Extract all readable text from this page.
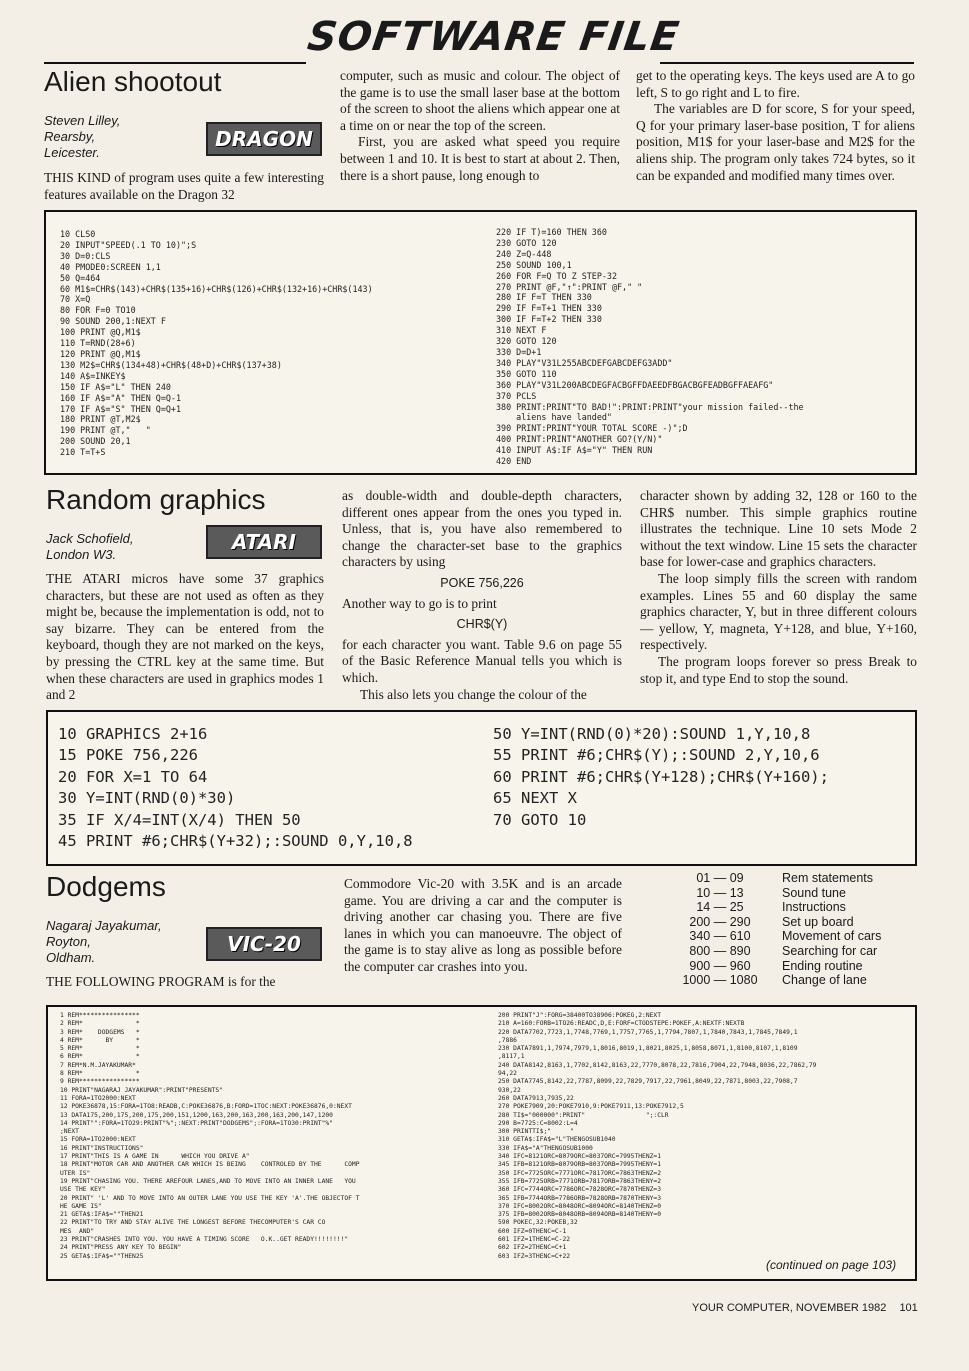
SOFTWARE FILE
Alien shootout
Steven Lilley,
Rearsby,
Leicester.
DRAGON

THIS KIND of program uses quite a few interesting features available on the Dragon 32

computer, such as music and colour. The object of the game is to use the small laser base at the bottom of the screen to shoot the aliens which appear one at a time on or near the top of the screen.

First, you are asked what speed you require between 1 and 10. It is best to start at about 2. Then, there is a short pause, long enough to

get to the operating keys. The keys used are A to go left, S to go right and L to fire.

The variables are D for score, S for your speed, Q for your primary laser-base position, T for aliens position, M1$ for your laser-base and M2$ for the aliens ship. The program only takes 724 bytes, so it can be expanded and modified many times over.

10 CLS0
20 INPUT"SPEED(.1 TO 10)";S
30 D=0:CLS
40 PMODE0:SCREEN 1,1
50 Q=464
60 M1$=CHR$(143)+CHR$(135+16)+CHR$(126)+CHR$(132+16)+CHR$(143)
70 X=Q
80 FOR F=0 TO10
90 SOUND 200,1:NEXT F
100 PRINT @Q,M1$
110 T=RND(28+6)
120 PRINT @Q,M1$
130 M2$=CHR$(134+48)+CHR$(48+D)+CHR$(137+38)
140 A$=INKEY$
150 IF A$="L" THEN 240
160 IF A$="A" THEN Q=Q-1
170 IF A$="S" THEN Q=Q+1
180 PRINT @T,M2$
190 PRINT @T,"   "
200 SOUND 20,1
210 T=T+S
220 IF T)=160 THEN 360
230 GOTO 120
240 Z=Q-448
250 SOUND 100,1
260 FOR F=Q TO Z STEP-32
270 PRINT @F,"↑":PRINT @F," "
280 IF F=T THEN 330
290 IF F=T+1 THEN 330
300 IF F=T+2 THEN 330
310 NEXT F
320 GOTO 120
330 D=D+1
340 PLAY"V31L255ABCDEFGABCDEFG3ADD"
350 GOTO 110
360 PLAY"V31L200ABCDEGFACBGFFDAEEDFBGACBGFEADBGFFAEAFG"
370 PCLS
380 PRINT:PRINT"TO BAD!":PRINT:PRINT"your mission failed--the
aliens have landed"
390 PRINT:PRINT"YOUR TOTAL SCORE -)";D
400 PRINT:PRINT"ANOTHER GO?(Y/N)"
410 INPUT A$:IF A$="Y" THEN RUN
420 END
Random graphics
Jack Schofield,
London W3.
ATARI

THE ATARI micros have some 37 graphics characters, but these are not used as often as they might be, because the implementation is odd, not to say bizarre. They can be entered from the keyboard, though they are not marked on the keys, by pressing the CTRL key at the same time. But when these characters are used in graphics modes 1 and 2

as double-width and double-depth characters, different ones appear from the ones you typed in. Unless, that is, you have also remembered to change the character-set base to the graphics characters by using

POKE 756,226

Another way to go is to print

CHR$(Y)

for each character you want. Table 9.6 on page 55 of the Basic Reference Manual tells you which is which.

This also lets you change the colour of the

character shown by adding 32, 128 or 160 to the CHR$ number. This simple graphics routine illustrates the technique. Line 10 sets Mode 2 without the text window. Line 15 sets the character base for lower-case and graphics characters.

The loop simply fills the screen with random examples. Lines 55 and 60 display the same graphics character, Y, but in three different colours — yellow, Y, magneta, Y+128, and blue, Y+160, respectively.

The program loops forever so press Break to stop it, and type End to stop the sound.

10 GRAPHICS 2+16
15 POKE 756,226
20 FOR X=1 TO 64
30 Y=INT(RND(0)*30)
35 IF X/4=INT(X/4) THEN 50
45 PRINT #6;CHR$(Y+32);:SOUND 0,Y,10,8
50 Y=INT(RND(0)*20):SOUND 1,Y,10,8
55 PRINT #6;CHR$(Y);:SOUND 2,Y,10,6
60 PRINT #6;CHR$(Y+128);CHR$(Y+160);
65 NEXT X
70 GOTO 10
Dodgems
Nagaraj Jayakumar,
Royton,
Oldham.
VIC-20

THE FOLLOWING PROGRAM is for the

Commodore Vic-20 with 3.5K and is an arcade game. You are driving a car and the computer is driving another car chasing you. There are five lanes in which you can manoeuvre. The object of the game is to stay alive as long as possible before the computer car crashes into you.

01 — 09	Rem statements
10 — 13	Sound tune
14 — 25	Instructions
200 — 290	Set up board
340 — 610	Movement of cars
800 — 890	Searching for car
900 — 960	Ending routine
1000 — 1080	Change of lane
1 REM****************
2 REM*              *
3 REM*    DODGEMS   *
4 REM*      BY      *
5 REM*              *
6 REM*              *
7 REM*N.M.JAYAKUMAR*
8 REM*              *
9 REM****************
10 PRINT"NAGARAJ JAYAKUMAR":PRINT"PRESENTS"
11 FORA=1TO2000:NEXT
12 POKE36878,15:FORA=1TO8:READB,C:POKE36876,B:FORD=1TOC:NEXT:POKE36876,0:NEXT
13 DATA175,200,175,200,175,200,151,1200,163,200,163,200,163,200,147,1200
14 PRINT"":FORA=1TO29:PRINT"%";:NEXT:PRINT"DODGEMS";:FORA=1TO30:PRINT"%"
;NEXT
15 FORA=1TO2000:NEXT
16 PRINT"INSTRUCTIONS"
17 PRINT"THIS IS A GAME IN      WHICH YOU DRIVE A"
18 PRINT"MOTOR CAR AND ANOTHER CAR WHICH IS BEING    CONTROLED BY THE      COMP
UTER IS"
19 PRINT"CHASING YOU. THERE AREFOUR LANES,AND TO MOVE INTO AN INNER LANE   YOU
USE THE KEY"
20 PRINT" 'L' AND TO MOVE INTO AN OUTER LANE YOU USE THE KEY 'A'.THE OBJECTOF T
HE GAME IS"
21 GETA$:IFA$=""THEN21
22 PRINT"TO TRY AND STAY ALIVE THE LONGEST BEFORE THECOMPUTER'S CAR CO
MES  AND"
23 PRINT"CRASHES INTO YOU. YOU HAVE A TIMING SCORE   O.K..GET READY!!!!!!!!"
24 PRINT"PRESS ANY KEY TO BEGIN"
25 GETA$:IFA$=""THEN25
200 PRINT"J":FORG=38400TO38906:POKEG,2:NEXT
210 A=160:FORB=1TO26:READC,D,E:FORF=CTODSTEPE:POKEF,A:NEXTF:NEXTB
220 DATA7702,7723,1,7748,7769,1,7757,7765,1,7794,7807,1,7840,7843,1,7845,7849,1
,7886
230 DATA7891,1,7974,7979,1,8016,8019,1,8021,8025,1,8058,8071,1,8100,8107,1,8109
,8117,1
240 DATA8142,8163,1,7702,8142,8163,22,7770,8078,22,7816,7904,22,7948,8036,22,7862,79
94,22
250 DATA7745,8142,22,7787,8099,22,7829,7917,22,7961,8049,22,7871,8003,22,7908,7
930,22
260 DATA7913,7935,22
270 POKE7909,20:POKE7910,9:POKE7911,13:POKE7912,5
280 TI$="000000":PRINT"                ";:CLR
290 B=7725:C=8002:L=4
300 PRINTTI$;"     "
310 GETA$:IFA$="L"THENGOSUB1040
330 IFA$="A"THENGOSUB1000
340 IFC=8121ORC=8079ORC=8037ORC=7995THENZ=1
345 IFB=8121ORB=8079ORB=8037ORB=7995THENY=1
350 IFC=7725ORC=7771ORC=7817ORC=7863THENZ=2
355 IFB=7725ORB=7771ORB=7817ORB=7863THENY=2
360 IFC=7744ORC=7786ORC=7828ORC=7870THENZ=3
365 IFB=7744ORB=7786ORB=7828ORB=7870THENY=3
370 IFC=8002ORC=8048ORC=8094ORC=8140THENZ=0
375 IFB=8002ORB=8048ORB=8094ORB=8140THENY=0
590 POKEC,32:POKEB,32
600 IFZ=0THENC=C-1
601 IFZ=1THENC=C-22
602 IFZ=2THENC=C+1
603 IFZ=3THENC=C+22
(continued on page 103)
YOUR COMPUTER, NOVEMBER 1982 101
